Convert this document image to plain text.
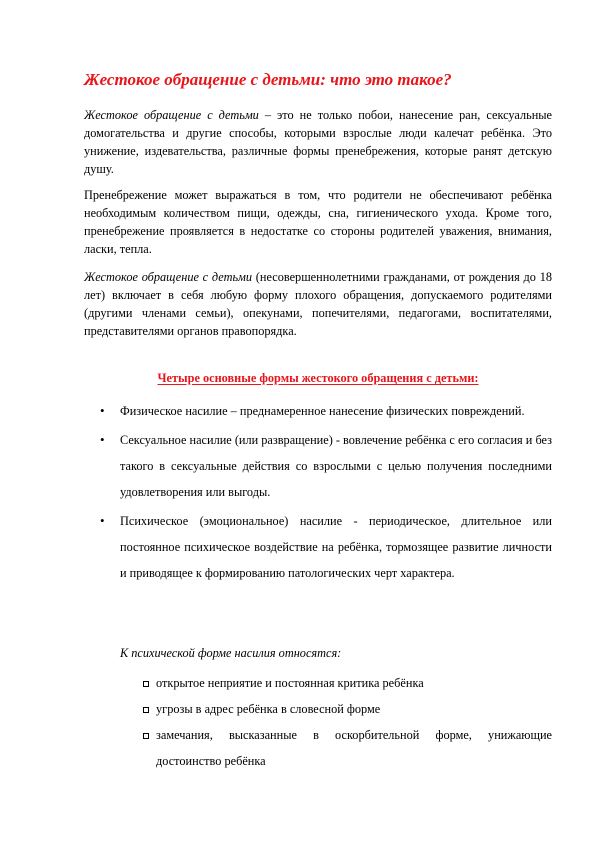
Жестокое обращение с детьми: что это такое?

Жестокое обращение с детьми – это не только побои, нанесение ран, сексуальные домогательства и другие способы, которыми взрослые люди калечат ребёнка. Это унижение, издевательства, различные формы пренебрежения, которые ранят детскую душу.

Пренебрежение может выражаться в том, что родители не обеспечивают ребёнка необходимым количеством пищи, одежды, сна, гигиенического ухода. Кроме того, пренебрежение проявляется в недостатке со стороны родителей уважения, внимания, ласки, тепла.

Жестокое обращение с детьми (несовершеннолетними гражданами, от рождения до 18 лет) включает в себя любую форму плохого обращения, допускаемого родителями (другими членами семьи), опекунами, попечителями, педагогами, воспитателями, представителями органов правопорядка.

Четыре основные формы жестокого обращения с детьми:
• Физическое насилие – преднамеренное нанесение физических повреждений.
• Сексуальное насилие (или развращение) - вовлечение ребёнка с его согласия и без такого в сексуальные действия со взрослыми с целью получения последними удовлетворения или выгоды.
• Психическое (эмоциональное) насилие - периодическое, длительное или постоянное психическое воздействие на ребёнка, тормозящее развитие личности и приводящее к формированию патологических черт характера.
К психической форме насилия относятся:
открытое неприятие и постоянная критика ребёнка
угрозы в адрес ребёнка в словесной форме
замечания, высказанные в оскорбительной форме, унижающие достоинство ребёнка
